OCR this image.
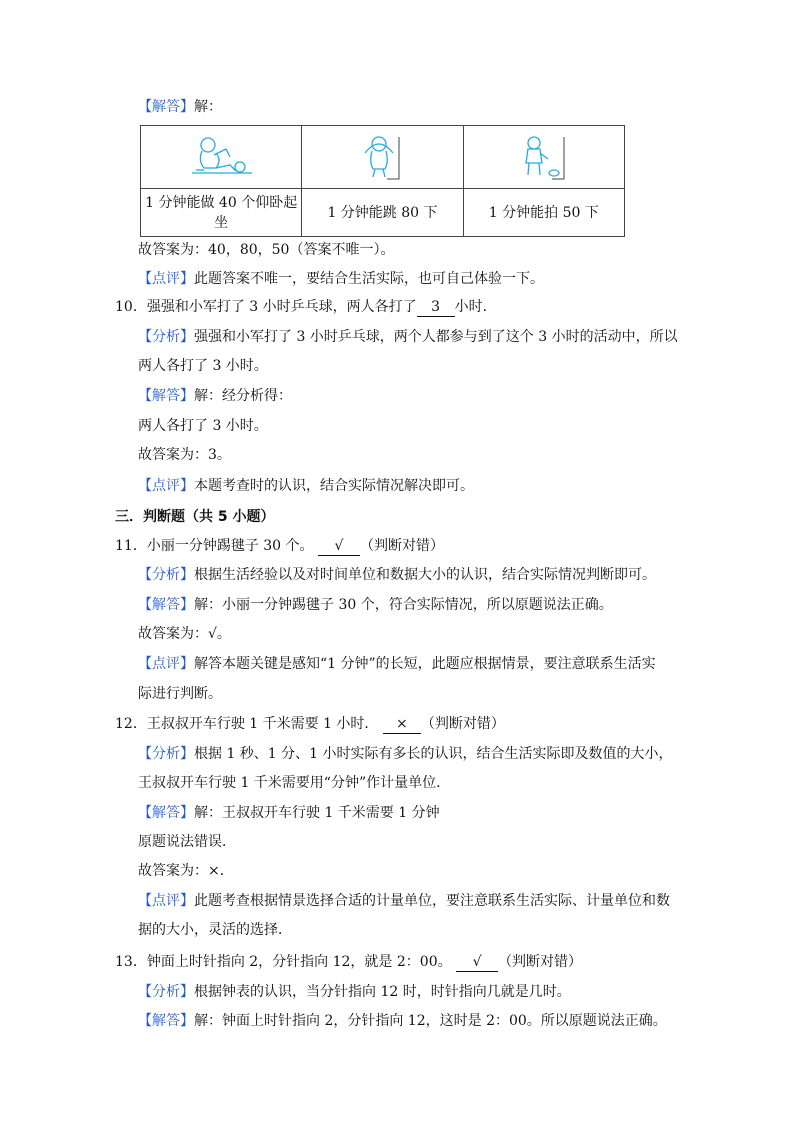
【解答】解：

1 分钟能做 40 个仰卧起
坐	1 分钟能跳 80 下	1 分钟能拍 50 下
故答案为：40，80，50（答案不唯一）。
【点评】此题答案不唯一，要结合生活实际，也可自己体验一下。
10．强强和小军打了 3 小时乒乓球，两人各打了 3 小时．
【分析】强强和小军打了 3 小时乒乓球，两个人都参与到了这个 3 小时的活动中，所以
两人各打了 3 小时。
【解答】解：经分析得：
两人各打了 3 小时。
故答案为：3。
【点评】本题考查时的认识，结合实际情况解决即可。
三．判断题（共 5 小题）
11．小丽一分钟踢毽子 30 个。 √ （判断对错）
【分析】根据生活经验以及对时间单位和数据大小的认识，结合实际情况判断即可。
【解答】解：小丽一分钟踢毽子 30 个，符合实际情况，所以原题说法正确。
故答案为：√。
【点评】解答本题关键是感知“1 分钟”的长短，此题应根据情景，要注意联系生活实
际进行判断。
12．王叔叔开车行驶 1 千米需要 1 小时． × （判断对错）
【分析】根据 1 秒、1 分、1 小时实际有多长的认识，结合生活实际即及数值的大小，
王叔叔开车行驶 1 千米需要用“分钟”作计量单位．
【解答】解：王叔叔开车行驶 1 千米需要 1 分钟
原题说法错误．
故答案为：×．
【点评】此题考查根据情景选择合适的计量单位，要注意联系生活实际、计量单位和数
据的大小，灵活的选择．
13．钟面上时针指向 2，分针指向 12，就是 2：00。 √ （判断对错）
【分析】根据钟表的认识，当分针指向 12 时，时针指向几就是几时。
【解答】解：钟面上时针指向 2，分针指向 12，这时是 2：00。所以原题说法正确。
